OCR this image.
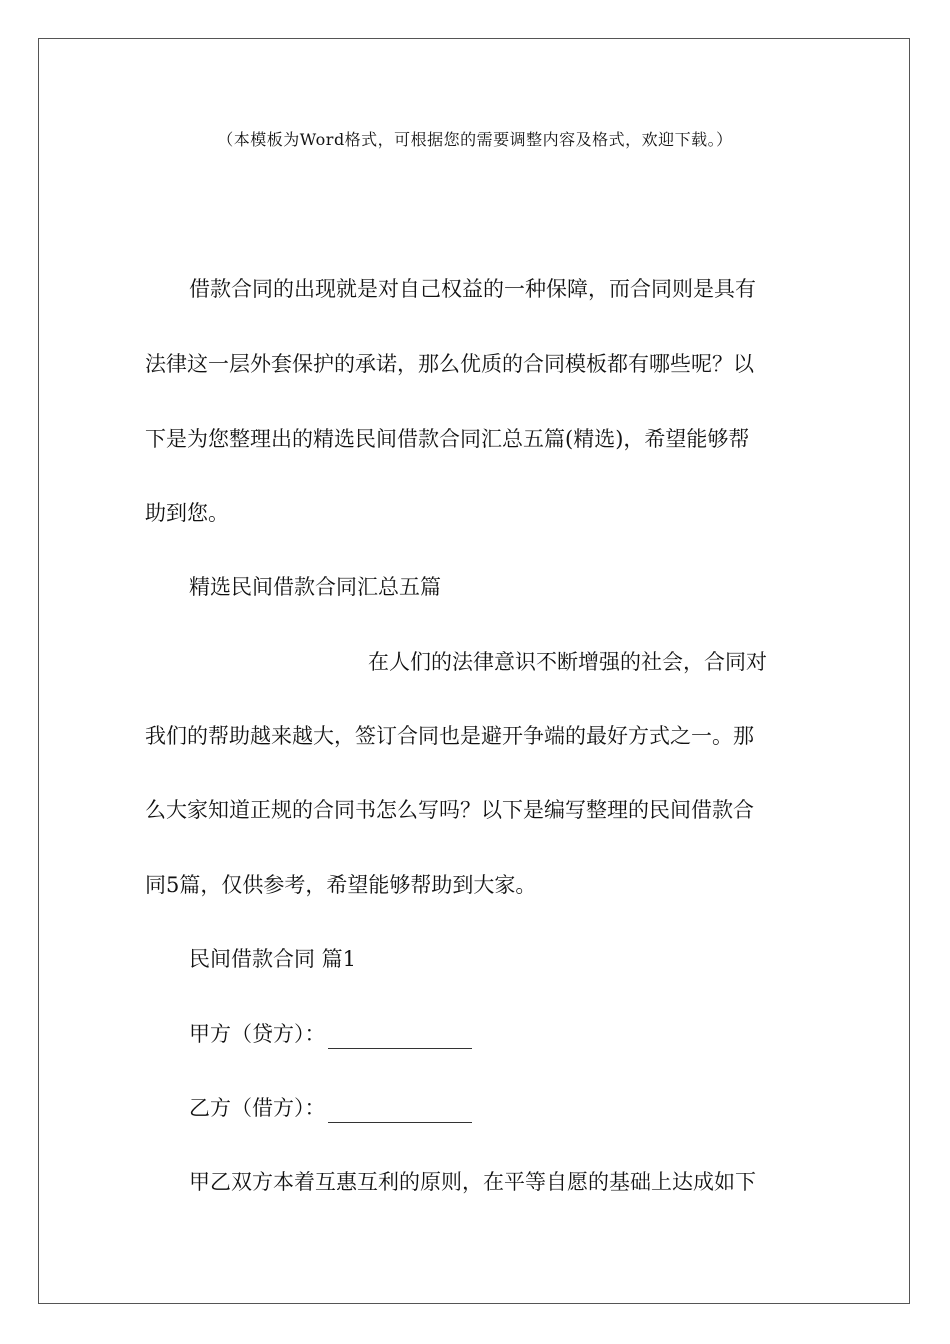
（本模板为Word格式，可根据您的需要调整内容及格式，欢迎下载。）
借款合同的出现就是对自己权益的一种保障，而合同则是具有
法律这一层外套保护的承诺，那么优质的合同模板都有哪些呢？以
下是为您整理出的精选民间借款合同汇总五篇(精选)，希望能够帮
助到您。
精选民间借款合同汇总五篇
在人们的法律意识不断增强的社会，合同对
我们的帮助越来越大，签订合同也是避开争端的最好方式之一。那
么大家知道正规的合同书怎么写吗？以下是编写整理的民间借款合
同5篇，仅供参考，希望能够帮助到大家。
民间借款合同 篇1
甲方（贷方）：
乙方（借方）：
甲乙双方本着互惠互利的原则，在平等自愿的基础上达成如下
